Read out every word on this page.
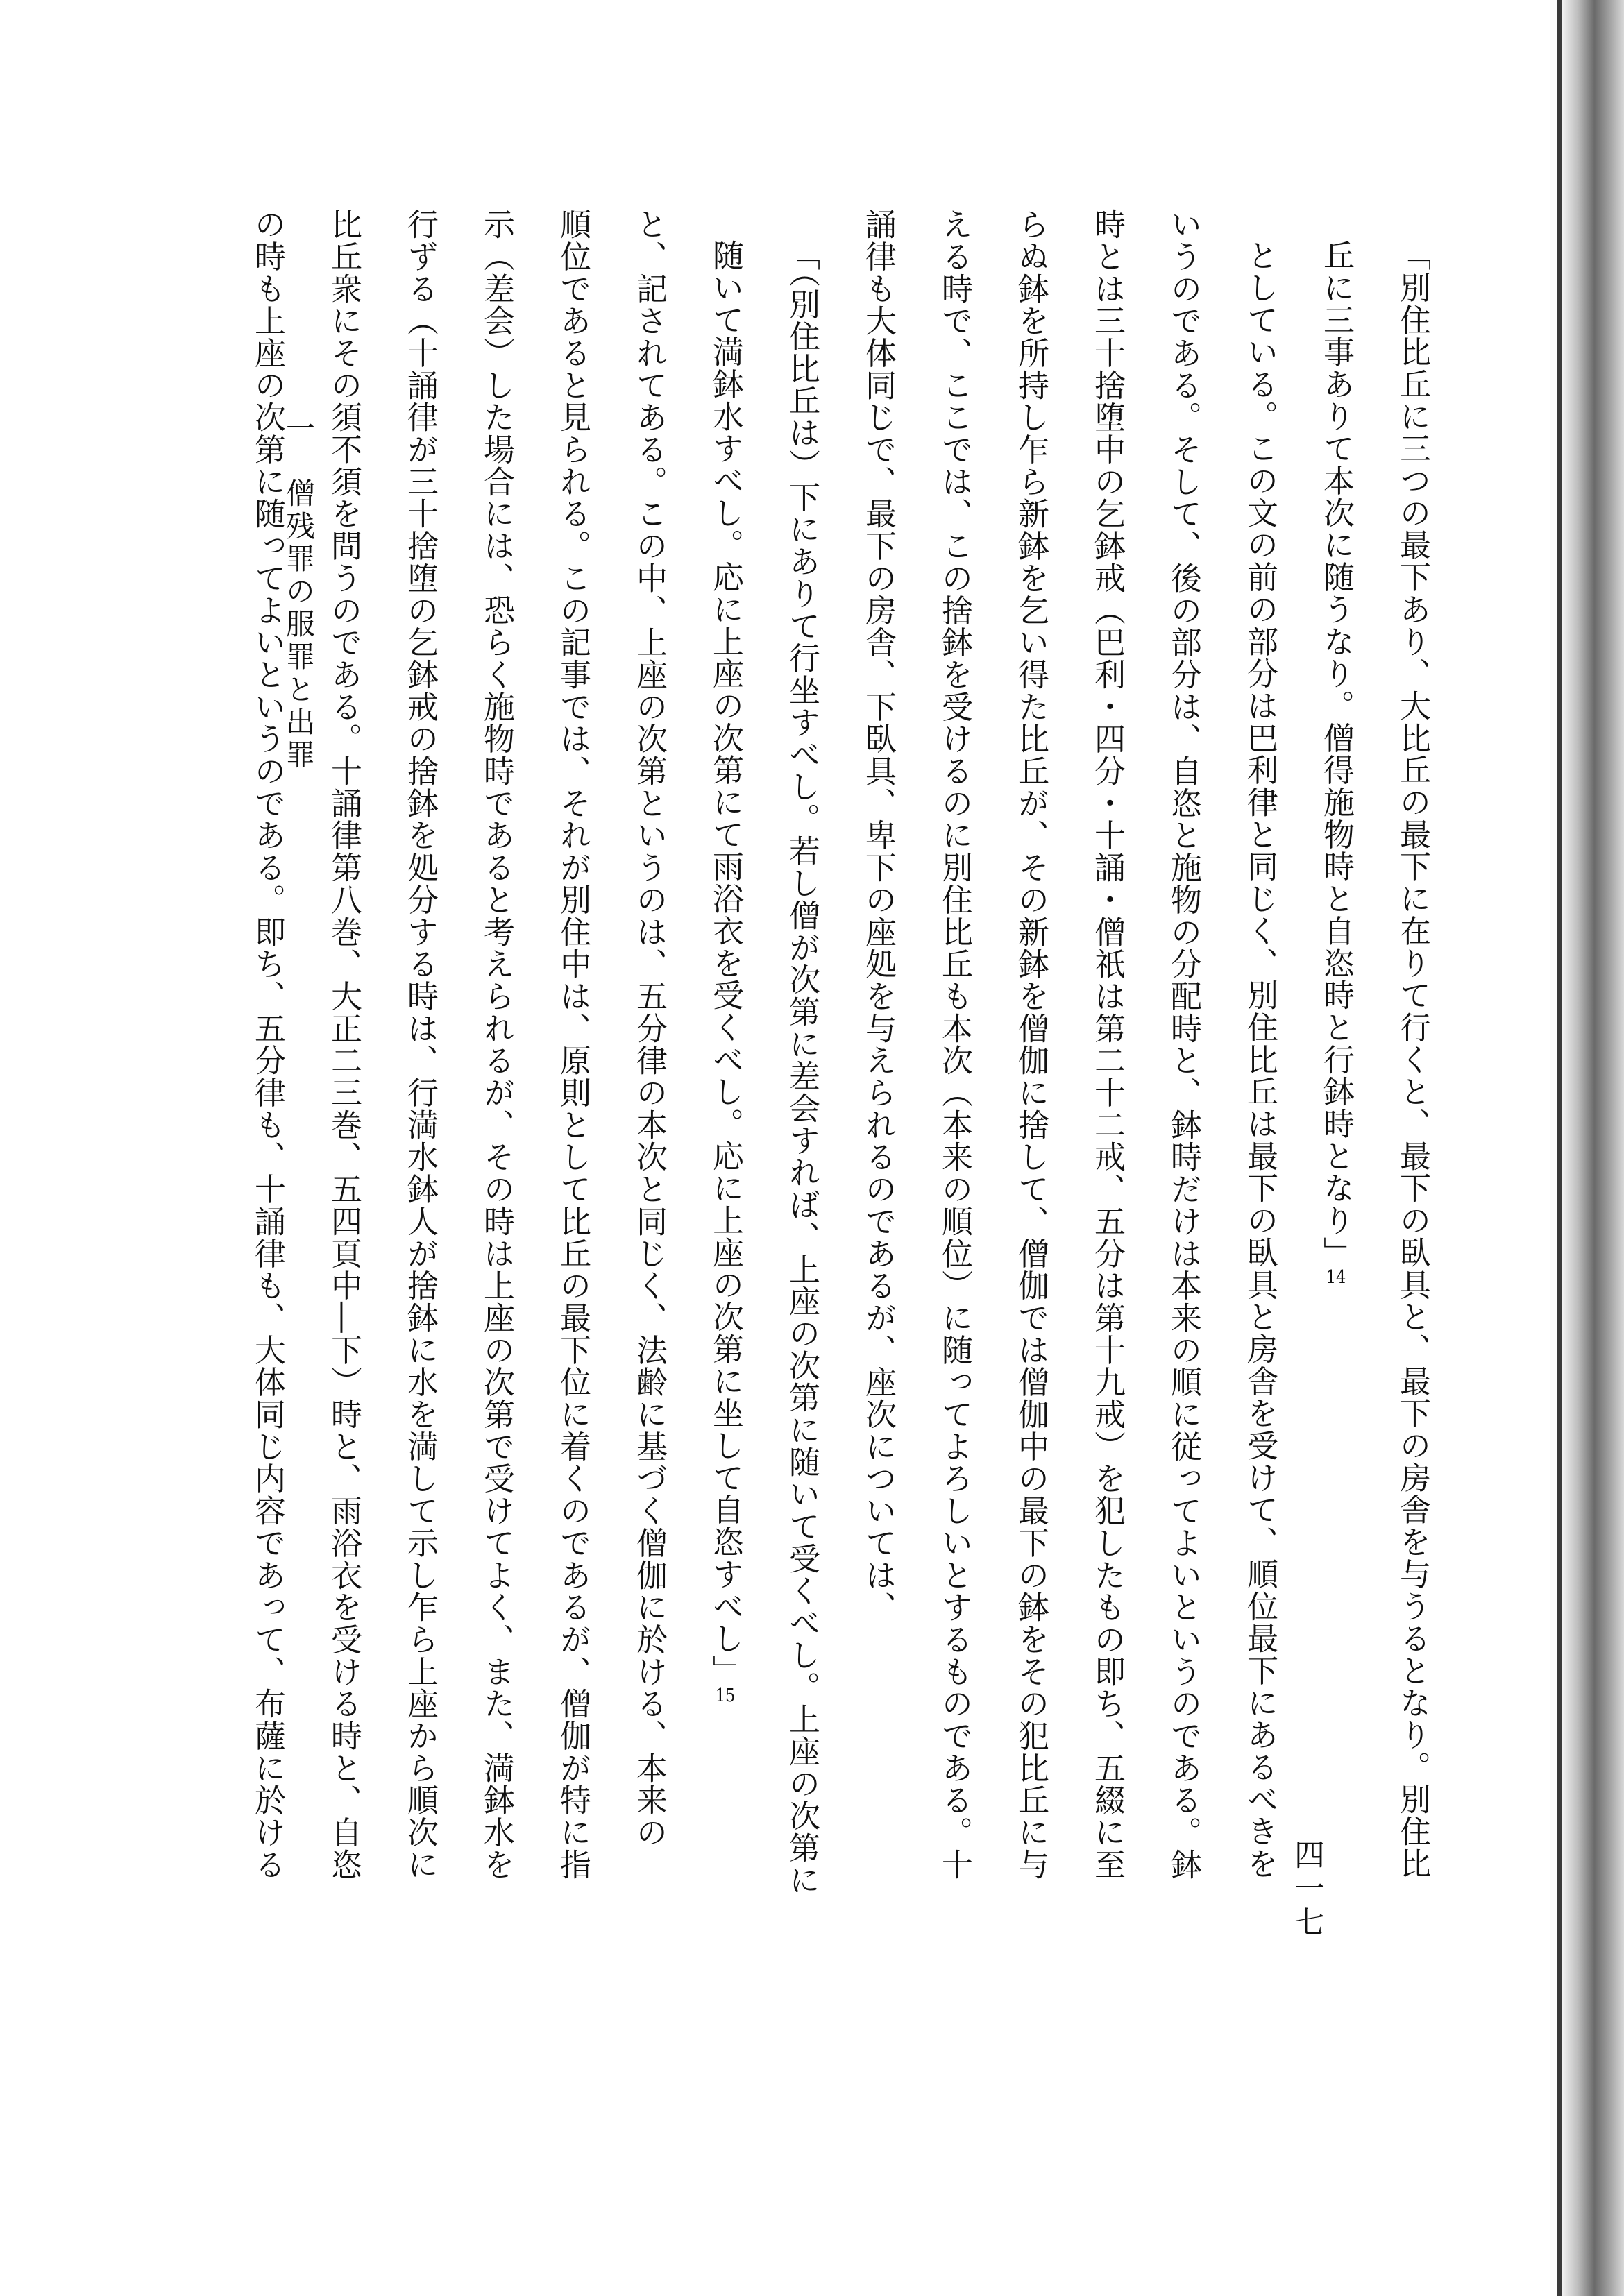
「別住比丘に三つの最下あり、大比丘の最下に在りて行くと、最下の臥具と、最下の房舎を与うるとなり。別住比

丘に三事ありて本次に随うなり。僧得施物時と自恣時と行鉢時となり」14

としている。この文の前の部分は巴利律と同じく、別住比丘は最下の臥具と房舎を受けて、順位最下にあるべきを

いうのである。そして、後の部分は、自恣と施物の分配時と、鉢時だけは本来の順に従ってよいというのである。鉢

時とは三十捨堕中の乞鉢戒（巴利・四分・十誦・僧祇は第二十二戒、五分は第十九戒）を犯したもの即ち、五綴に至

らぬ鉢を所持し乍ら新鉢を乞い得た比丘が、その新鉢を僧伽に捨して、僧伽では僧伽中の最下の鉢をその犯比丘に与

える時で、ここでは、この捨鉢を受けるのに別住比丘も本次（本来の順位）に随ってよろしいとするものである。十

誦律も大体同じで、最下の房舎、下臥具、卑下の座処を与えられるのであるが、座次については、

「（別住比丘は）下にありて行坐すべし。若し僧が次第に差会すれば、上座の次第に随いて受くべし。上座の次第に

随いて満鉢水すべし。応に上座の次第にて雨浴衣を受くべし。応に上座の次第に坐して自恣すべし」15

と、記されてある。この中、上座の次第というのは、五分律の本次と同じく、法齢に基づく僧伽に於ける、本来の

順位であると見られる。この記事では、それが別住中は、原則として比丘の最下位に着くのであるが、僧伽が特に指

示（差会）した場合には、恐らく施物時であると考えられるが、その時は上座の次第で受けてよく、また、満鉢水を

行ずる（十誦律が三十捨堕の乞鉢戒の捨鉢を処分する時は、行満水鉢人が捨鉢に水を満して示し乍ら上座から順次に

比丘衆にその須不須を問うのである。十誦律第八巻、大正二三巻、五四頁中―下）時と、雨浴衣を受ける時と、自恣

の時も上座の次第に随ってよいというのである。即ち、五分律も、十誦律も、大体同じ内容であって、布薩に於ける

一　僧残罪の服罪と出罪
四一七
